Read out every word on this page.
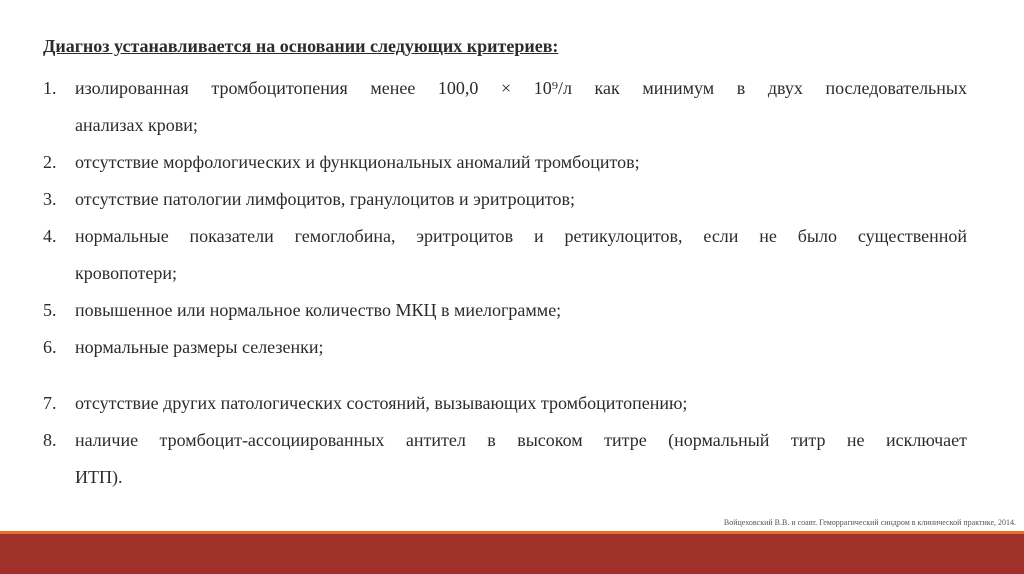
Диагноз устанавливается на основании следующих критериев:
1.	изолированная тромбоцитопения менее 100,0 × 10⁹/л как минимум в двух последовательных
анализах крови;
2.	отсутствие морфологических и функциональных аномалий тромбоцитов;
3.	отсутствие патологии лимфоцитов, гранулоцитов и эритроцитов;
4.	нормальные показатели гемоглобина, эритроцитов и ретикулоцитов, если не было существенной
кровопотери;
5.	повышенное или нормальное количество МКЦ в миелограмме;
6.	нормальные размеры селезенки;
7.	отсутствие других патологических состояний, вызывающих тромбоцитопению;
8.	наличие тромбоцит-ассоциированных антител в высоком титре (нормальный титр не исключает
ИТП).
Войцеховский В.В. и соавт. Геморрагический синдром в клинической практике, 2014.
